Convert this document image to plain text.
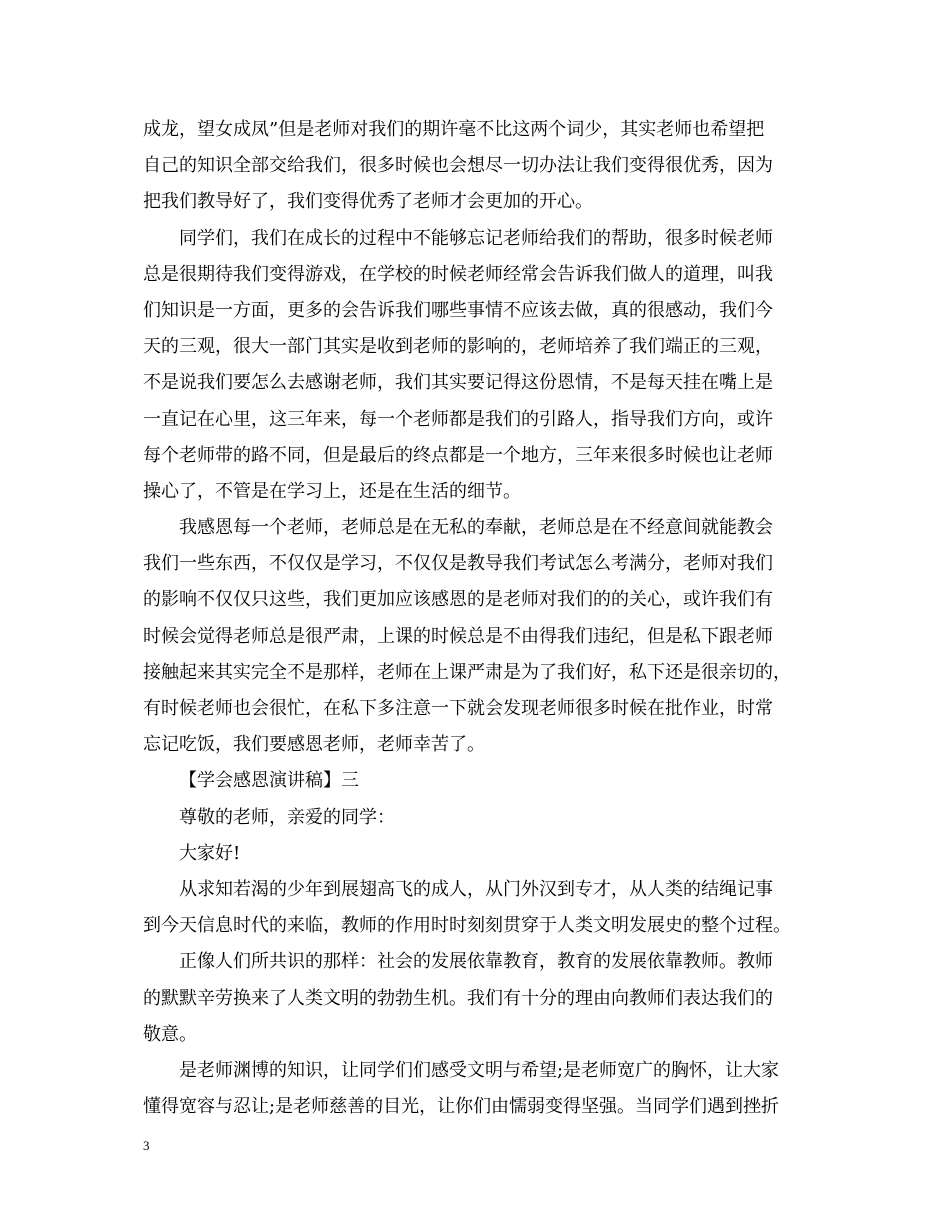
成龙，望女成凤”但是老师对我们的期许毫不比这两个词少，其实老师也希望把
自己的知识全部交给我们，很多时候也会想尽一切办法让我们变得很优秀，因为
把我们教导好了，我们变得优秀了老师才会更加的开心。
同学们，我们在成长的过程中不能够忘记老师给我们的帮助，很多时候老师
总是很期待我们变得游戏，在学校的时候老师经常会告诉我们做人的道理，叫我
们知识是一方面，更多的会告诉我们哪些事情不应该去做，真的很感动，我们今
天的三观，很大一部门其实是收到老师的影响的，老师培养了我们端正的三观，
不是说我们要怎么去感谢老师，我们其实要记得这份恩情，不是每天挂在嘴上是
一直记在心里，这三年来，每一个老师都是我们的引路人，指导我们方向，或许
每个老师带的路不同，但是最后的终点都是一个地方，三年来很多时候也让老师
操心了，不管是在学习上，还是在生活的细节。
我感恩每一个老师，老师总是在无私的奉献，老师总是在不经意间就能教会
我们一些东西，不仅仅是学习，不仅仅是教导我们考试怎么考满分，老师对我们
的影响不仅仅只这些，我们更加应该感恩的是老师对我们的的关心，或许我们有
时候会觉得老师总是很严肃，上课的时候总是不由得我们违纪，但是私下跟老师
接触起来其实完全不是那样，老师在上课严肃是为了我们好，私下还是很亲切的，
有时候老师也会很忙，在私下多注意一下就会发现老师很多时候在批作业，时常
忘记吃饭，我们要感恩老师，老师幸苦了。
【学会感恩演讲稿】三
尊敬的老师，亲爱的同学：
大家好!
从求知若渴的少年到展翅高飞的成人，从门外汉到专才，从人类的结绳记事
到今天信息时代的来临，教师的作用时时刻刻贯穿于人类文明发展史的整个过程。
正像人们所共识的那样：社会的发展依靠教育，教育的发展依靠教师。教师
的默默辛劳换来了人类文明的勃勃生机。我们有十分的理由向教师们表达我们的
敬意。
是老师渊博的知识，让同学们们感受文明与希望;是老师宽广的胸怀，让大家
懂得宽容与忍让;是老师慈善的目光，让你们由懦弱变得坚强。当同学们遇到挫折
3
